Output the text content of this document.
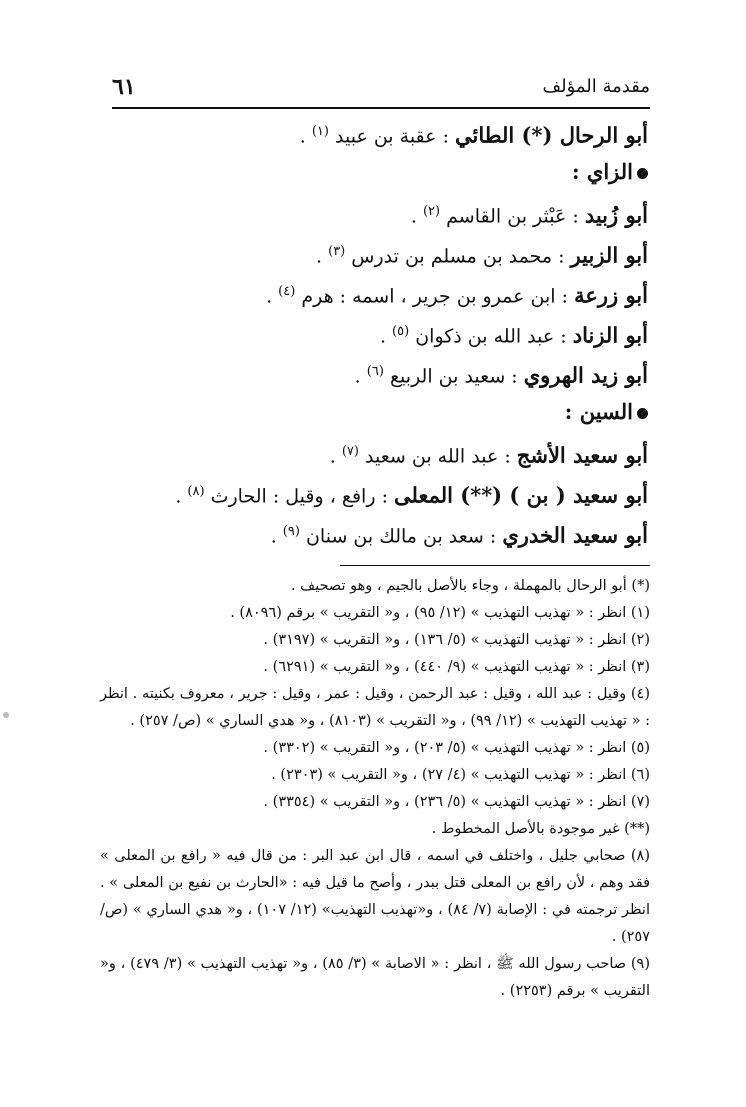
مقدمة المؤلف
٦١
أبو الرحال (*) الطائي : عقبة بن عبيد $^{(١)}$ .
الزاي :
أبو زُبيد : عَبْثر بن القاسم $^{(٢)}$ .
أبو الزبير : محمد بن مسلم بن تدرس $^{(٣)}$ .
أبو زرعة : ابن عمرو بن جرير ، اسمه : هرم $^{(٤)}$ .
أبو الزناد : عبد الله بن ذكوان $^{(٥)}$ .
أبو زيد الهروي : سعيد بن الربيع $^{(٦)}$ .
السين :
أبو سعيد الأشج : عبد الله بن سعيد $^{(٧)}$ .
أبو سعيد ( بن ) (**) المعلى : رافع ، وقيل : الحارث $^{(٨)}$ .
أبو سعيد الخدري : سعد بن مالك بن سنان $^{(٩)}$ .
(*) أبو الرحال بالمهملة ، وجاء بالأصل بالجيم ، وهو تصحيف .
(١) انظر : « تهذيب التهذيب » (١٢/ ٩٥) ، و« التقريب » برقم (٨٠٩٦) .
(٢) انظر : « تهذيب التهذيب » (٥/ ١٣٦) ، و« التقريب » (٣١٩٧) .
(٣) انظر : « تهذيب التهذيب » (٩/ ٤٤٠) ، و« التقريب » (٦٢٩١) .
(٤) وقيل : عبد الله ، وقيل : عبد الرحمن ، وقيل : عمر ، وقيل : جرير ، معروف بكنيته . انظر : « تهذيب التهذيب » (١٢/ ٩٩) ، و« التقريب » (٨١٠٣) ، و« هدي الساري » (ص/ ٢٥٧) .
(٥) انظر : « تهذيب التهذيب » (٥/ ٢٠٣) ، و« التقريب » (٣٣٠٢) .
(٦) انظر : « تهذيب التهذيب » (٤/ ٢٧) ، و« التقريب » (٢٣٠٣) .
(٧) انظر : « تهذيب التهذيب » (٥/ ٢٣٦) ، و« التقريب » (٣٣٥٤) .
(**) غير موجودة بالأصل المخطوط .
(٨) صحابي جليل ، واختلف في اسمه ، قال ابن عبد البر : من قال فيه « رافع بن المعلى » فقد وهم ، لأن رافع بن المعلى قتل ببدر ، وأصح ما قيل فيه : «الحارث بن نفيع بن المعلى » . انظر ترجمته في : الإصابة (٧/ ٨٤) ، و«تهذيب التهذيب» (١٢/ ١٠٧) ، و« هدي الساري » (ص/ ٢٥٧) .
(٩) صاحب رسول الله ﷺ ، انظر : « الاصابة » (٣/ ٨٥) ، و« تهذيب التهذيب » (٣/ ٤٧٩) ، و« التقريب » برقم (٢٢٥٣) .
